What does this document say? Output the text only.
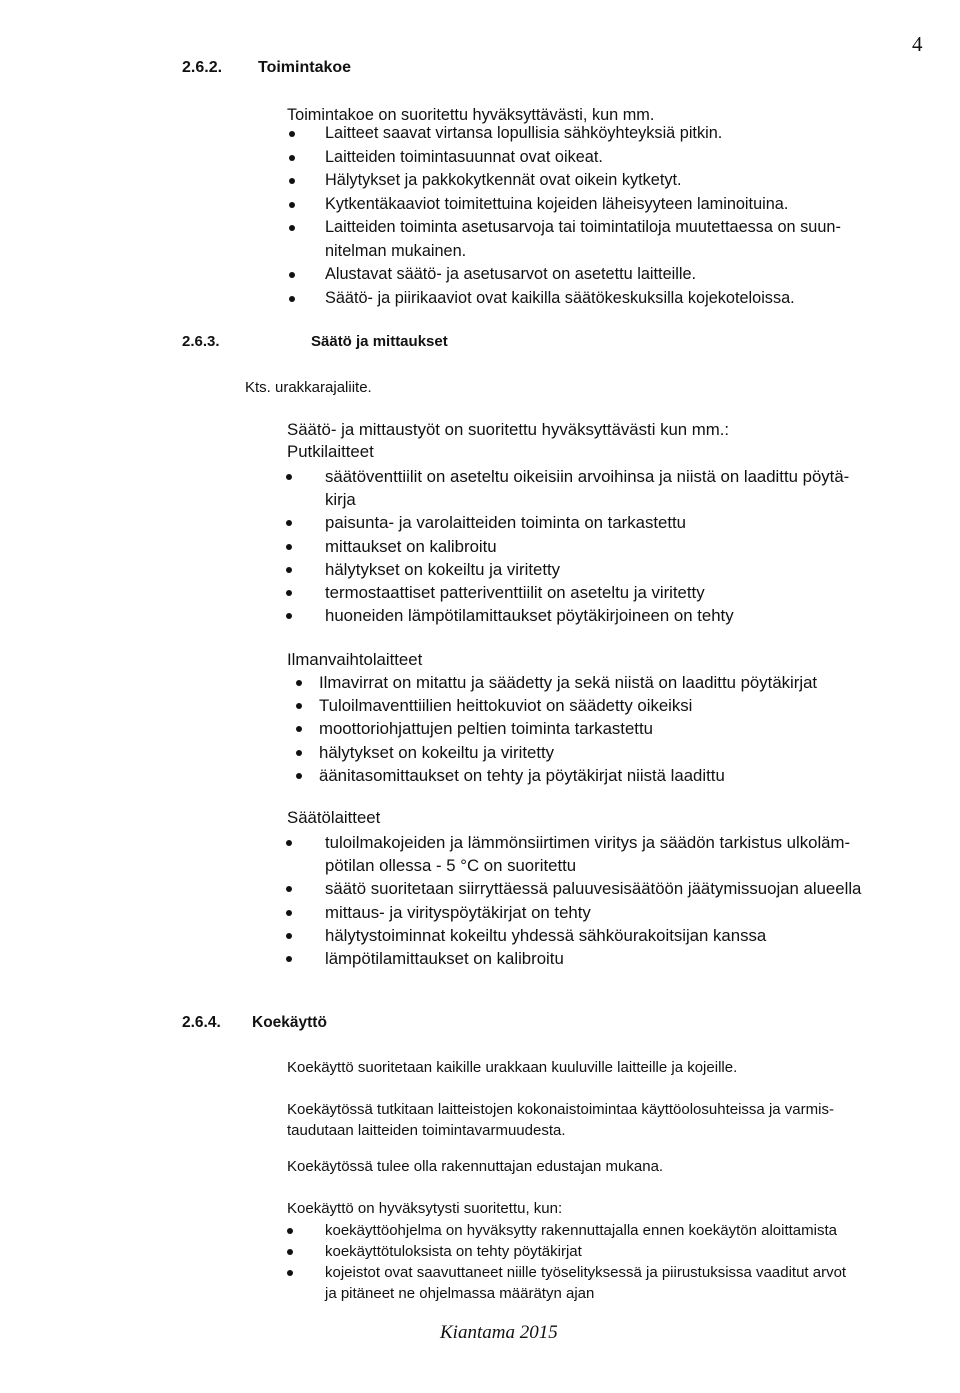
4
2.6.2. Toimintakoe
Toimintakoe on suoritettu hyväksyttävästi, kun mm.
Laitteet saavat virtansa lopullisia sähköyhteyksiä pitkin.
Laitteiden toimintasuunnat ovat oikeat.
Hälytykset ja pakkokytkennät ovat oikein kytketyt.
Kytkentäkaaviot toimitettuina kojeiden läheisyyteen laminoituina.
Laitteiden toiminta asetusarvoja tai toimintatiloja muutettaessa on suun-
nitelman mukainen.
Alustavat säätö- ja asetusarvot on asetettu laitteille.
Säätö- ja piirikaaviot ovat kaikilla säätökeskuksilla kojekoteloissa.
2.6.3.	Säätö ja mittaukset
Kts. urakkarajaliite.
Säätö- ja mittaustyöt on suoritettu hyväksyttävästi kun mm.:
Putkilaitteet
säätöventtiilit on aseteltu oikeisiin arvoihinsa ja niistä on laadittu pöytä-
kirja
paisunta- ja varolaitteiden toiminta on tarkastettu
mittaukset on kalibroitu
hälytykset on kokeiltu ja viritetty
termostaattiset patteriventtiilit on aseteltu ja viritetty
huoneiden lämpötilamittaukset pöytäkirjoineen on tehty
Ilmanvaihtolaitteet
Ilmavirrat on mitattu ja säädetty ja sekä niistä on laadittu pöytäkirjat
Tuloilmaventtiilien heittokuviot on säädetty oikeiksi
moottoriohjattujen peltien toiminta tarkastettu
hälytykset on kokeiltu ja viritetty
äänitasomittaukset on tehty ja pöytäkirjat niistä laadittu
Säätölaitteet
tuloilmakojeiden ja lämmönsiirtimen viritys ja säädön tarkistus ulkoläm-
pötilan ollessa - 5 °C on suoritettu
säätö suoritetaan siirryttäessä paluuvesisäätöön jäätymissuojan alueella
mittaus- ja virityspöytäkirjat on tehty
hälytystoiminnat kokeiltu yhdessä sähköurakoitsijan kanssa
lämpötilamittaukset on kalibroitu
2.6.4. Koekäyttö
Koekäyttö suoritetaan kaikille urakkaan kuuluville laitteille ja kojeille.
Koekäytössä tutkitaan laitteistojen kokonaistoimintaa käyttöolosuhteissa ja varmis-
taudutaan laitteiden toimintavarmuudesta.
Koekäytössä tulee olla rakennuttajan edustajan mukana.
Koekäyttö on hyväksytysti suoritettu, kun:
koekäyttöohjelma on hyväksytty rakennuttajalla ennen koekäytön aloittamista
koekäyttötuloksista on tehty pöytäkirjat
kojeistot ovat saavuttaneet niille työselityksessä ja piirustuksissa vaaditut arvot
ja pitäneet ne ohjelmassa määrätyn ajan
Kiantama 2015
